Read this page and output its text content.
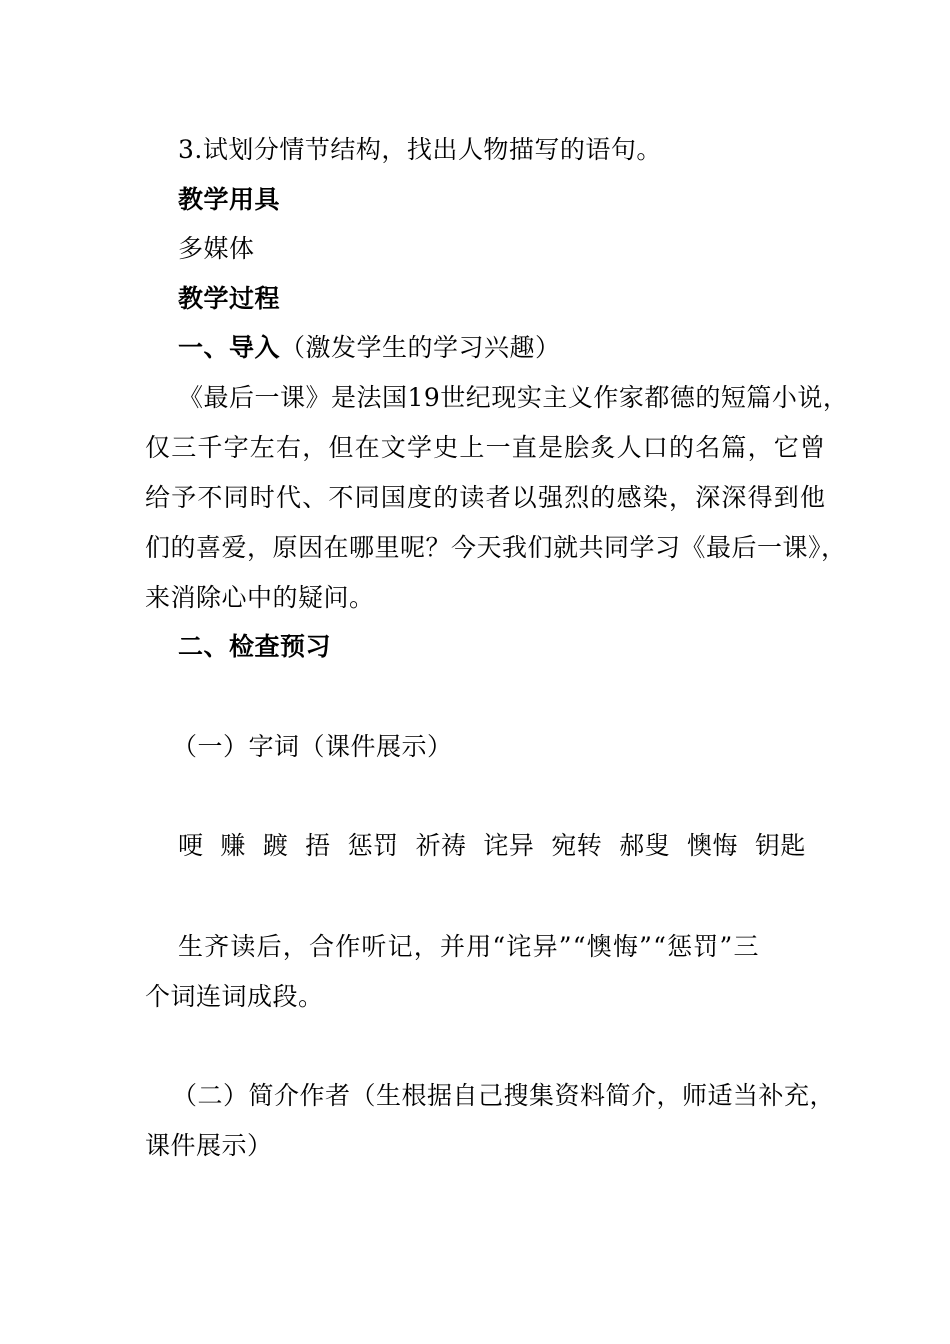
3.试划分情节结构，找出人物描写的语句。
教学用具
多媒体
教学过程
一、导入（激发学生的学习兴趣）
《最后一课》是法国19世纪现实主义作家都德的短篇小说，
仅三千字左右，但在文学史上一直是脍炙人口的名篇，它曾
给予不同时代、不同国度的读者以强烈的感染，深深得到他
们的喜爱，原因在哪里呢？今天我们就共同学习《最后一课》，
来消除心中的疑问。
二、检查预习
（一）字词（课件展示）
哽  赚  踱  捂  惩罚  祈祷  诧异  宛转  郝叟  懊悔  钥匙
生齐读后，合作听记，并用“诧异”“懊悔”“惩罚”三
个词连词成段。
（二）简介作者（生根据自己搜集资料简介，师适当补充，
课件展示）
